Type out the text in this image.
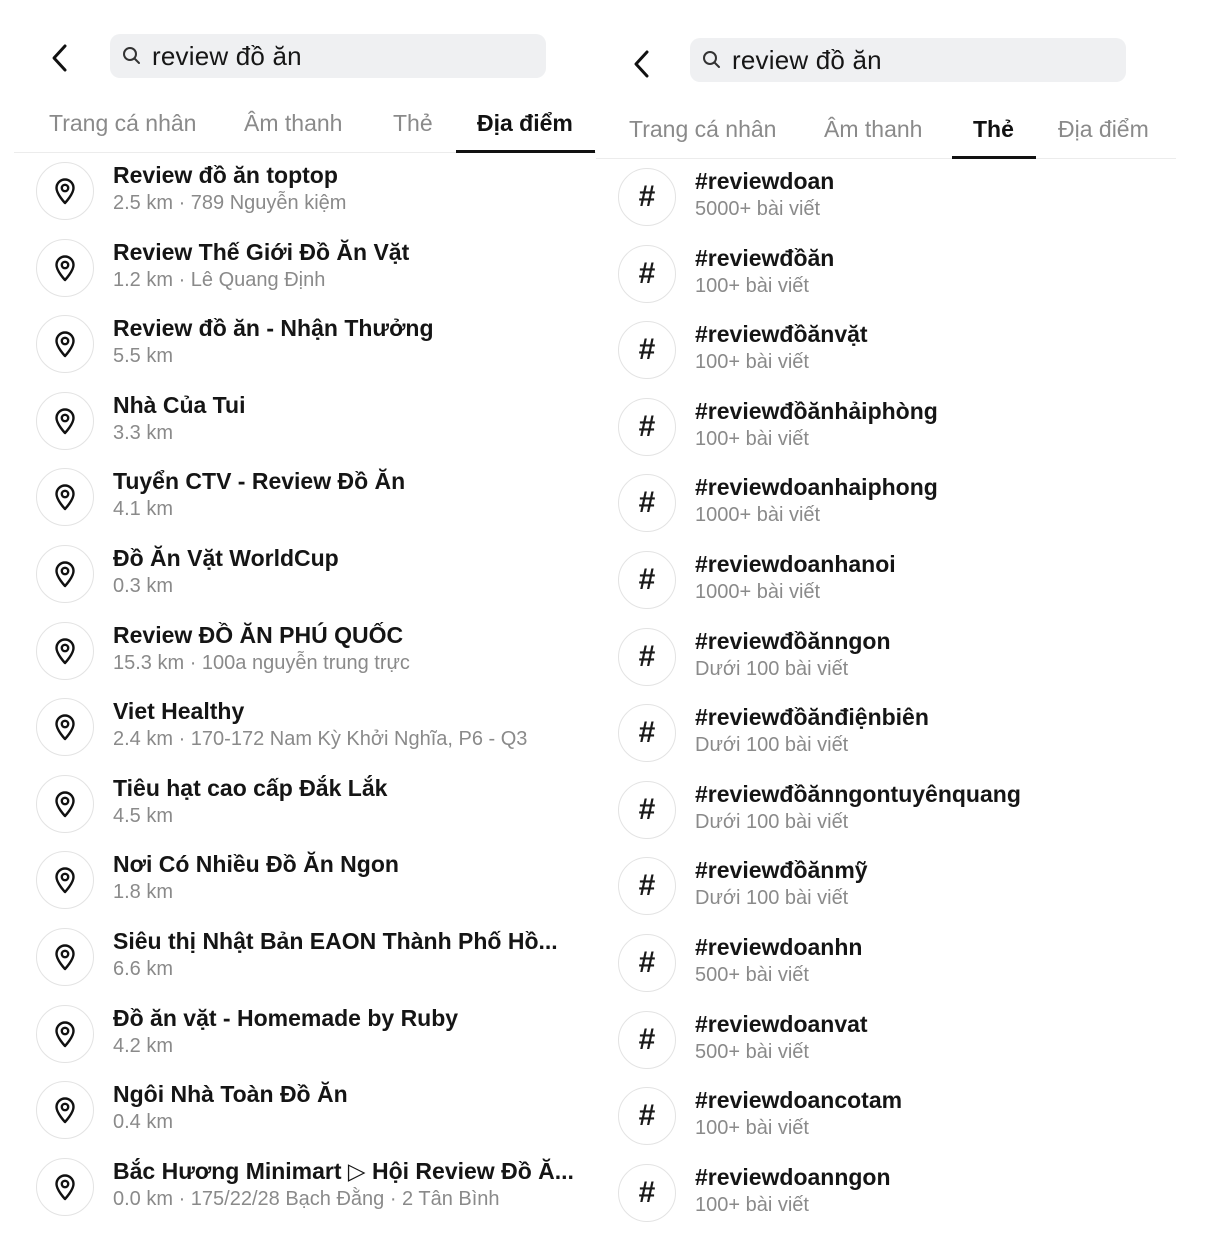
review đồ ăn
Trang cá nhân Âm thanh Thẻ Địa điểm
Review đồ ăn toptop
2.5 km · 789 Nguyễn kiệm
Review Thế Giới Đồ Ăn Vặt
1.2 km · Lê Quang Định
Review đồ ăn - Nhận Thưởng
5.5 km
Nhà Của Tui
3.3 km
Tuyển CTV - Review Đồ Ăn
4.1 km
Đồ Ăn Vặt WorldCup
0.3 km
Review ĐỒ ĂN PHÚ QUỐC
15.3 km · 100a nguyễn trung trực
Viet Healthy
2.4 km · 170-172 Nam Kỳ Khởi Nghĩa, P6 - Q3
Tiêu hạt cao cấp Đắk Lắk
4.5 km
Nơi Có Nhiều Đồ Ăn Ngon
1.8 km
Siêu thị Nhật Bản EAON Thành Phố Hồ...
6.6 km
Đồ ăn vặt - Homemade by Ruby
4.2 km
Ngôi Nhà Toàn Đồ Ăn
0.4 km
Bắc Hương Minimart ▷ Hội Review Đồ Ă...
0.0 km · 175/22/28 Bạch Đằng · 2 Tân Bình
review đồ ăn
Trang cá nhân Âm thanh Thẻ Địa điểm
# #reviewdoan
5000+ bài viết
# #reviewđồăn
100+ bài viết
# #reviewđồănvặt
100+ bài viết
# #reviewđồănhảiphòng
100+ bài viết
# #reviewdoanhaiphong
1000+ bài viết
# #reviewdoanhanoi
1000+ bài viết
# #reviewđồănngon
Dưới 100 bài viết
# #reviewđồănđiệnbiên
Dưới 100 bài viết
# #reviewđồănngontuyênquang
Dưới 100 bài viết
# #reviewđồănmỹ
Dưới 100 bài viết
# #reviewdoanhn
500+ bài viết
# #reviewdoanvat
500+ bài viết
# #reviewdoancotam
100+ bài viết
# #reviewdoanngon
100+ bài viết
